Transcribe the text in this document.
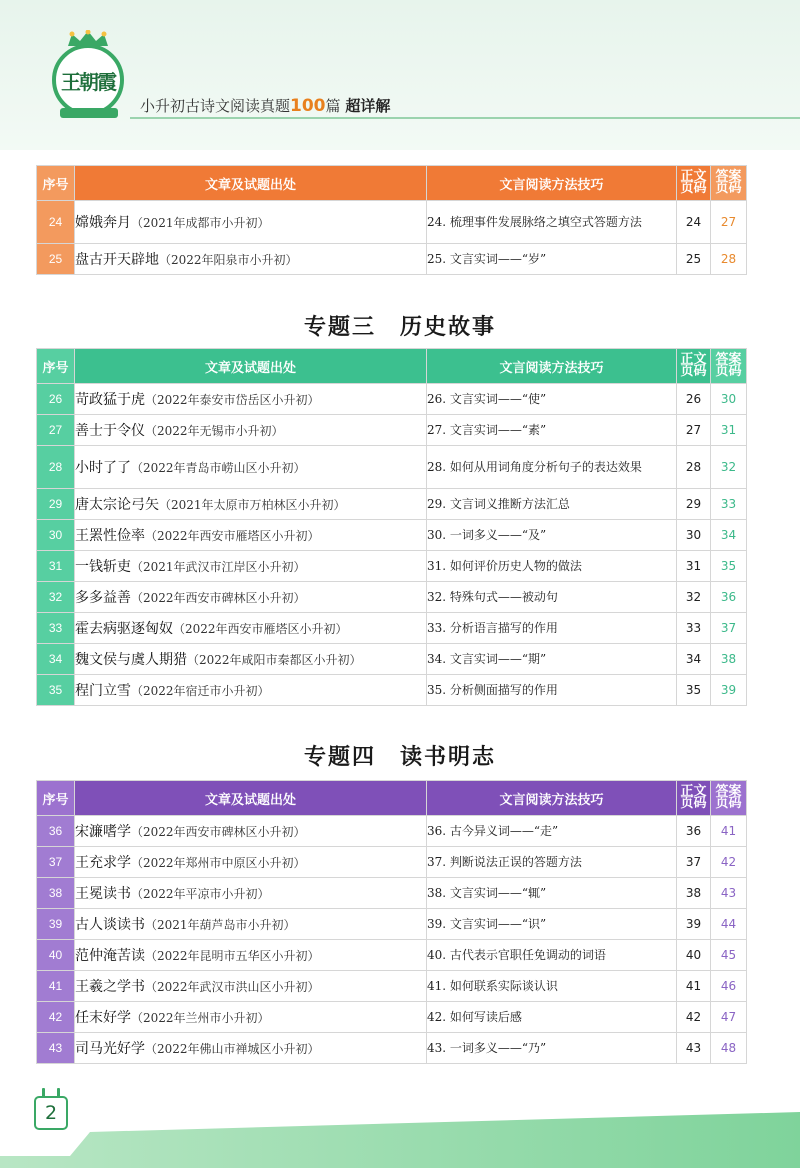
王朝霞
小升初古诗文阅读真题100篇 超详解
序号	文章及试题出处	文言阅读方法技巧	正文页码	答案页码
24	嫦娥奔月（2021年成都市小升初）	24. 梳理事件发展脉络之填空式答题方法	24	27
25	盘古开天辟地（2022年阳泉市小升初）	25. 文言实词——“岁”	25	28
专题三　历史故事
序号	文章及试题出处	文言阅读方法技巧	正文页码	答案页码
26	苛政猛于虎（2022年泰安市岱岳区小升初）	26. 文言实词——“使”	26	30
27	善士于令仪（2022年无锡市小升初）	27. 文言实词——“素”	27	31
28	小时了了（2022年青岛市崂山区小升初）	28. 如何从用词角度分析句子的表达效果	28	32
29	唐太宗论弓矢（2021年太原市万柏林区小升初）	29. 文言词义推断方法汇总	29	33
30	王罴性俭率（2022年西安市雁塔区小升初）	30. 一词多义——“及”	30	34
31	一钱斩吏（2021年武汉市江岸区小升初）	31. 如何评价历史人物的做法	31	35
32	多多益善（2022年西安市碑林区小升初）	32. 特殊句式——被动句	32	36
33	霍去病驱逐匈奴（2022年西安市雁塔区小升初）	33. 分析语言描写的作用	33	37
34	魏文侯与虞人期猎（2022年咸阳市秦都区小升初）	34. 文言实词——“期”	34	38
35	程门立雪（2022年宿迁市小升初）	35. 分析侧面描写的作用	35	39
专题四　读书明志
序号	文章及试题出处	文言阅读方法技巧	正文页码	答案页码
36	宋濂嗜学（2022年西安市碑林区小升初）	36. 古今异义词——“走”	36	41
37	王充求学（2022年郑州市中原区小升初）	37. 判断说法正误的答题方法	37	42
38	王冕读书（2022年平凉市小升初）	38. 文言实词——“辄”	38	43
39	古人谈读书（2021年葫芦岛市小升初）	39. 文言实词——“识”	39	44
40	范仲淹苦读（2022年昆明市五华区小升初）	40. 古代表示官职任免调动的词语	40	45
41	王羲之学书（2022年武汉市洪山区小升初）	41. 如何联系实际谈认识	41	46
42	任末好学（2022年兰州市小升初）	42. 如何写读后感	42	47
43	司马光好学（2022年佛山市禅城区小升初）	43. 一词多义——“乃”	43	48
2
